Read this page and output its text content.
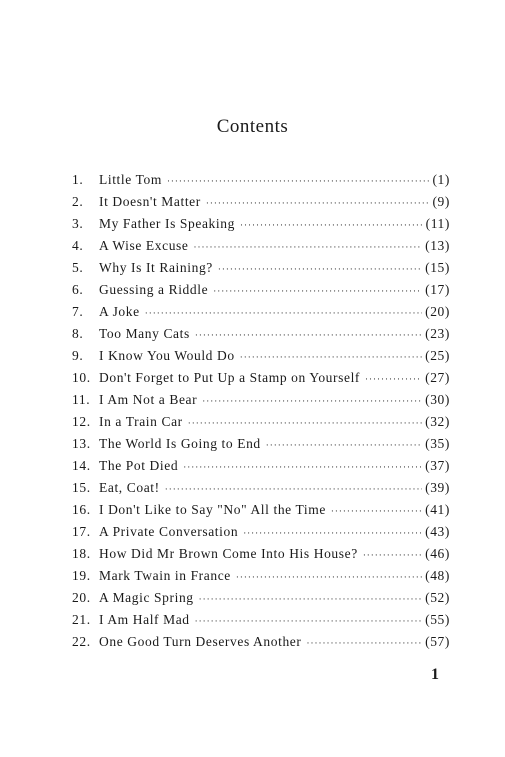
Contents
1.	Little Tom ·····	(1)
2.	It Doesn't Matter ·····	(9)
3.	My Father Is Speaking ·····	(11)
4.	A Wise Excuse ·····	(13)
5.	Why Is It Raining? ·····	(15)
6.	Guessing a Riddle ·····	(17)
7.	A Joke ·····	(20)
8.	Too Many Cats ·····	(23)
9.	I Know You Would Do ·····	(25)
10. Don't Forget to Put Up a Stamp on Yourself ·····	(27)
11. I Am Not a Bear ·····	(30)
12. In a Train Car ·····	(32)
13. The World Is Going to End ·····	(35)
14. The Pot Died ·····	(37)
15. Eat, Coat! ·····	(39)
16. I Don't Like to Say "No" All the Time ·····	(41)
17. A Private Conversation ·····	(43)
18. How Did Mr Brown Come Into His House? ·····	(46)
19. Mark Twain in France ·····	(48)
20. A Magic Spring ·····	(52)
21. I Am Half Mad ·····	(55)
22. One Good Turn Deserves Another ·····	(57)
1
